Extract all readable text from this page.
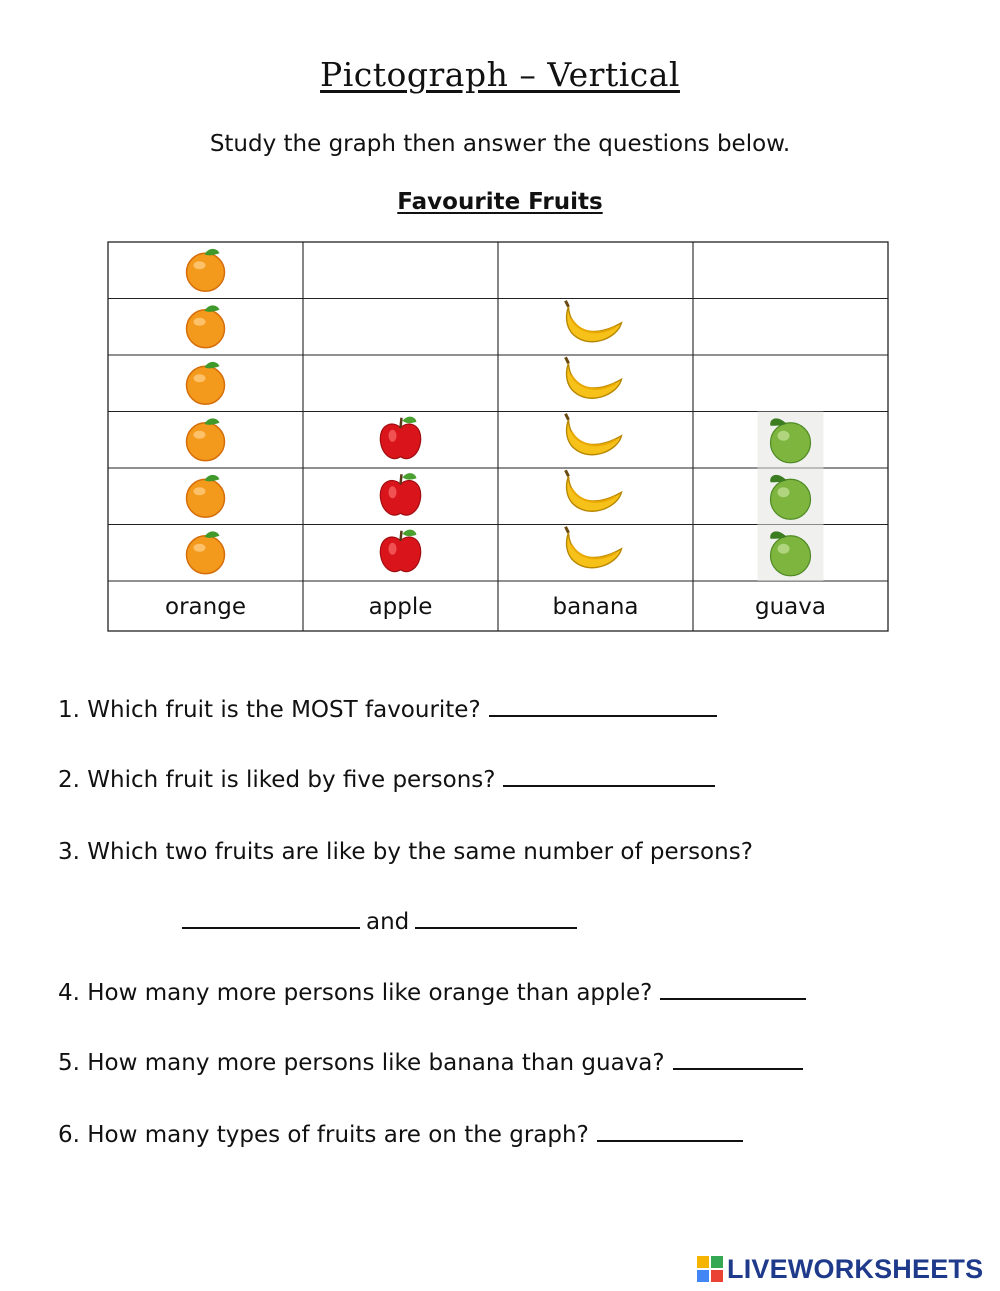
Pictograph – Vertical

Study the graph then answer the questions below.

Favourite Fruits

orange	apple	banana	guava
1. Which fruit is the MOST favourite?
2. Which fruit is liked by five persons?
3. Which two fruits are like by the same number of persons?
and
4. How many more persons like orange than apple?
5. How many more persons like banana than guava?
6. How many types of fruits are on the graph?
LIVEWORKSHEETS
